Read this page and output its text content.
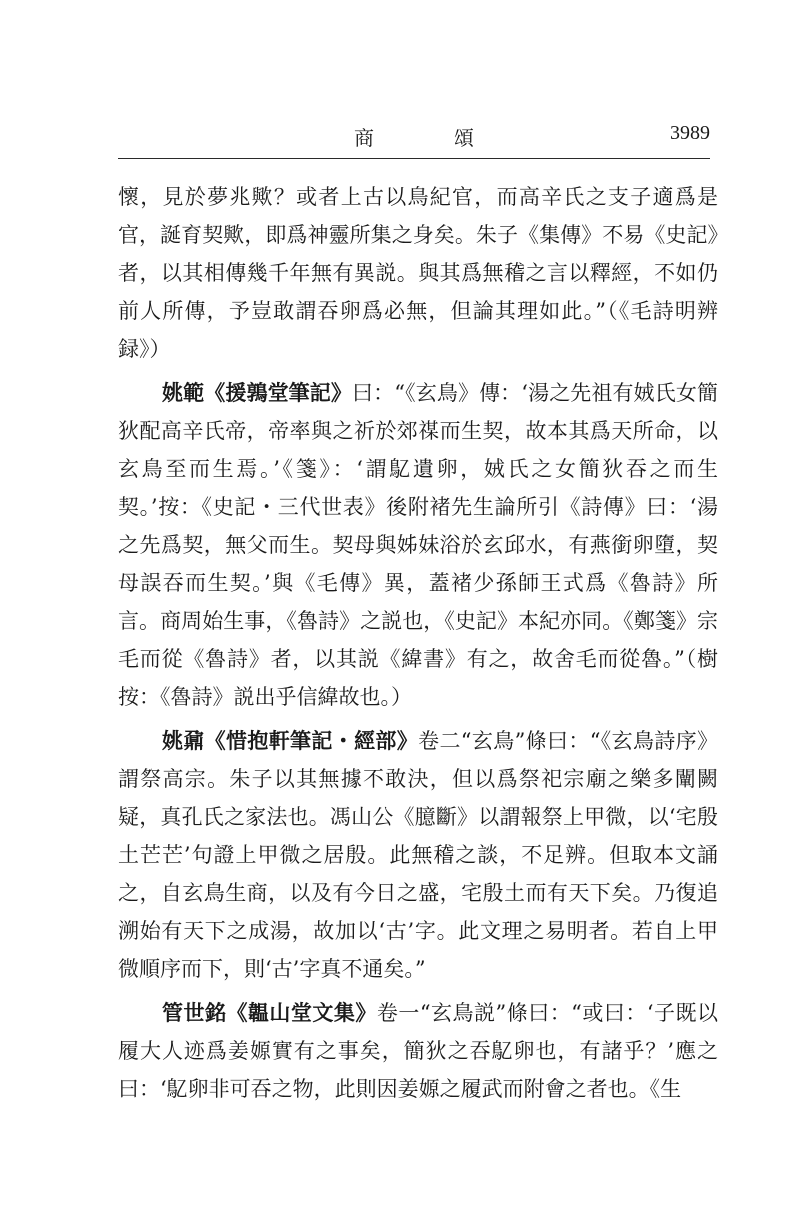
商　頌	3989

懷，見於夢兆歟？或者上古以鳥紀官，而高辛氏之支子適爲是官，誕育契歟，即爲神靈所集之身矣。朱子《集傳》不易《史記》者，以其相傳幾千年無有異説。與其爲無稽之言以釋經，不如仍前人所傳，予豈敢謂吞卵爲必無，但論其理如此。”（《毛詩明辨録》）

姚範《援鶉堂筆記》曰：“《玄鳥》傳：‘湯之先祖有娀氏女簡狄配高辛氏帝，帝率與之祈於郊禖而生契，故本其爲天所命，以玄鳥至而生焉。’《箋》：‘謂鳦遺卵，娀氏之女簡狄吞之而生契。’按：《史記・三代世表》後附褚先生論所引《詩傳》曰：‘湯之先爲契，無父而生。契母與姊妹浴於玄邱水，有燕銜卵墮，契母誤吞而生契。’與《毛傳》異，蓋褚少孫師王式爲《魯詩》所言。商周始生事，《魯詩》之説也，《史記》本紀亦同。《鄭箋》宗毛而從《魯詩》者，以其説《緯書》有之，故舍毛而從魯。”（樹按：《魯詩》説出乎信緯故也。）

姚鼐《惜抱軒筆記・經部》卷二“玄鳥”條曰：“《玄鳥詩序》謂祭高宗。朱子以其無據不敢決，但以爲祭祀宗廟之樂多闡闕疑，真孔氏之家法也。馮山公《臆斷》以謂報祭上甲微，以‘宅殷土芒芒’句證上甲微之居殷。此無稽之談，不足辨。但取本文誦之，自玄鳥生商，以及有今日之盛，宅殷土而有天下矣。乃復追溯始有天下之成湯，故加以‘古’字。此文理之易明者。若自上甲微順序而下，則‘古’字真不通矣。”

管世銘《韞山堂文集》卷一“玄鳥説”條曰：“或曰：‘子既以履大人迹爲姜嫄實有之事矣，簡狄之吞鳦卵也，有諸乎？’應之曰：‘鳦卵非可吞之物，此則因姜嫄之履武而附會之者也。《生
